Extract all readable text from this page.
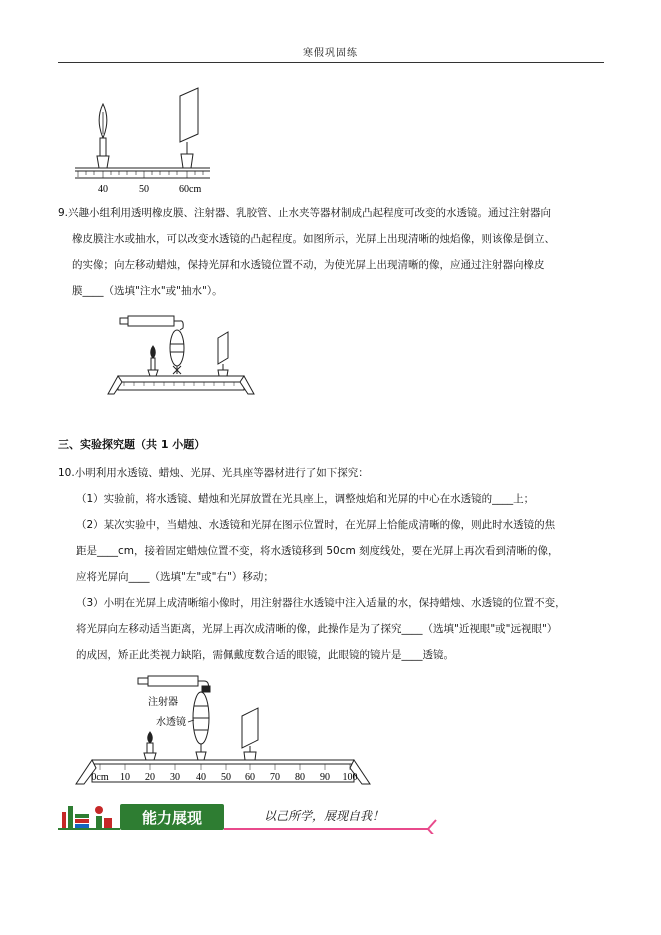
寒假巩固练
40	50	60cm
9.兴趣小组利用透明橡皮膜、注射器、乳胶管、止水夹等器材制成凸起程度可改变的水透镜。通过注射器向
橡皮膜注水或抽水，可以改变水透镜的凸起程度。如图所示，光屏上出现清晰的烛焰像，则该像是倒立、
的实像；向左移动蜡烛，保持光屏和水透镜位置不动，为使光屏上出现清晰的像，应通过注射器向橡皮
膜____（选填"注水"或"抽水"）。
三、实验探究题（共 1 小题）
10.小明利用水透镜、蜡烛、光屏、光具座等器材进行了如下探究：
（1）实验前，将水透镜、蜡烛和光屏放置在光具座上，调整烛焰和光屏的中心在水透镜的____上；
（2）某次实验中，当蜡烛、水透镜和光屏在图示位置时，在光屏上恰能成清晰的像，则此时水透镜的焦
距是____cm，接着固定蜡烛位置不变，将水透镜移到 50cm 刻度线处，要在光屏上再次看到清晰的像，
应将光屏向____（选填"左"或"右"）移动；
（3）小明在光屏上成清晰缩小像时，用注射器往水透镜中注入适量的水，保持蜡烛、水透镜的位置不变，
将光屏向左移动适当距离，光屏上再次成清晰的像，此操作是为了探究____（选填"近视眼"或"远视眼"）
的成因，矫正此类视力缺陷，需佩戴度数合适的眼镜，此眼镜的镜片是____透镜。
注射器
水透镜
0cm 10 20 30 40 50 60 70 80 90 100
能力展现	以己所学，展现自我！
